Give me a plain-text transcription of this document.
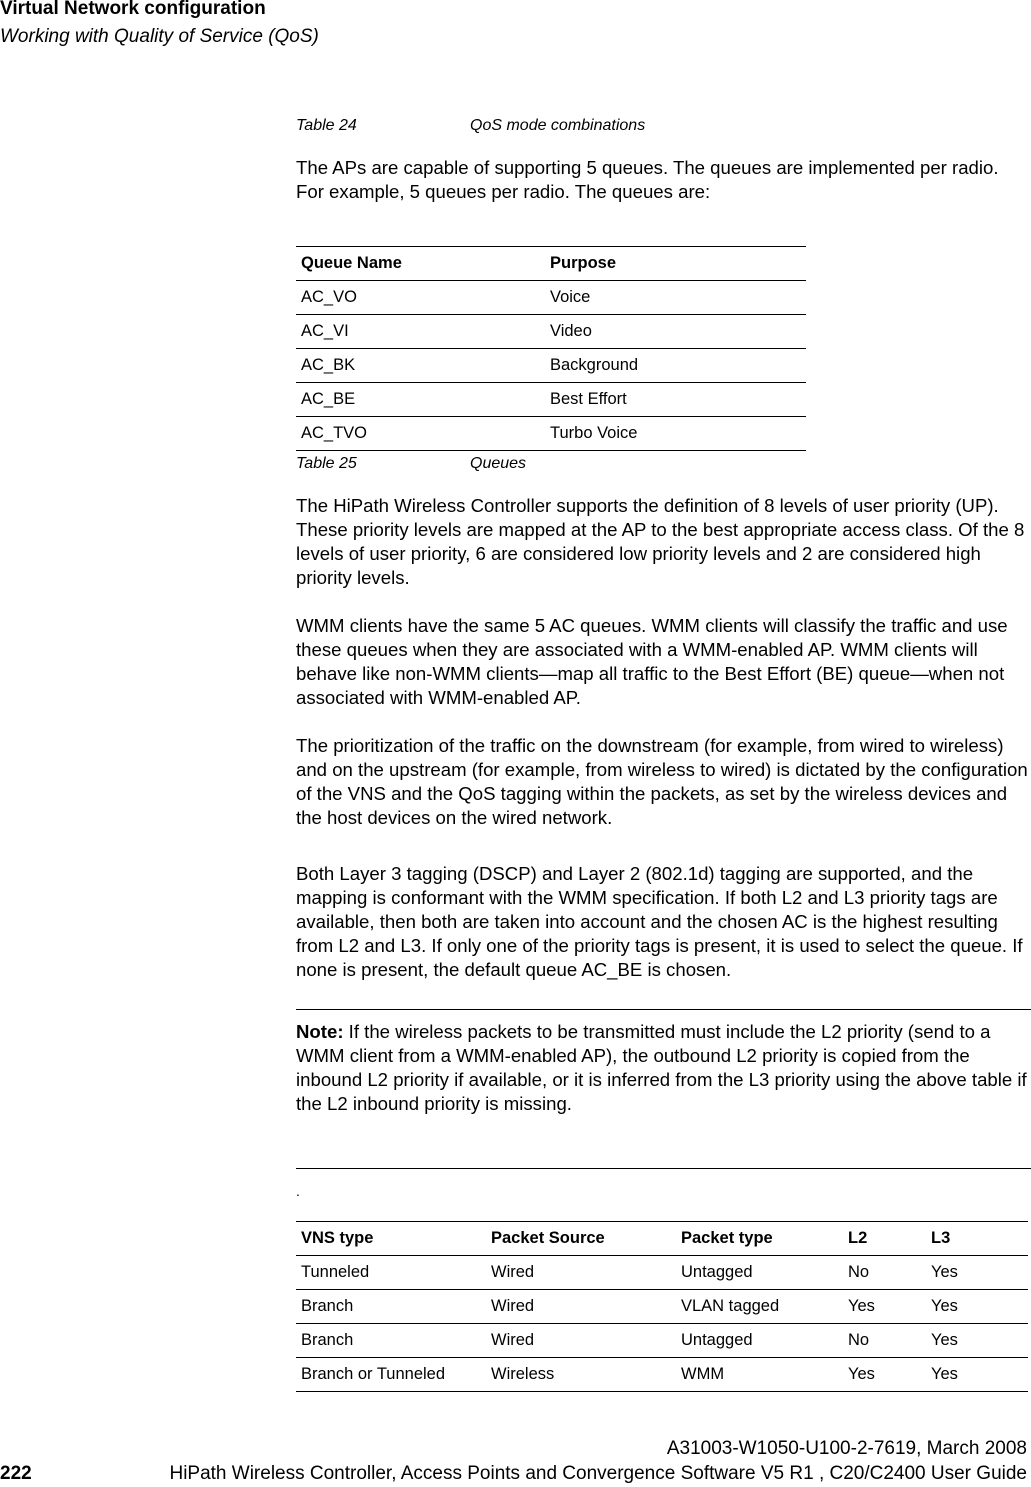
Virtual Network configuration
Working with Quality of Service (QoS)
Table 24	QoS mode combinations

The APs are capable of supporting 5 queues. The queues are implemented per radio. For example, 5 queues per radio. The queues are:

Queue Name	Purpose
AC_VO	Voice
AC_VI	Video
AC_BK	Background
AC_BE	Best Effort
AC_TVO	Turbo Voice
Table 25	Queues

The HiPath Wireless Controller supports the definition of 8 levels of user priority (UP). These priority levels are mapped at the AP to the best appropriate access class. Of the 8 levels of user priority, 6 are considered low priority levels and 2 are considered high priority levels.

WMM clients have the same 5 AC queues. WMM clients will classify the traffic and use these queues when they are associated with a WMM-enabled AP. WMM clients will behave like non-WMM clients—map all traffic to the Best Effort (BE) queue—when not associated with WMM-enabled AP.

The prioritization of the traffic on the downstream (for example, from wired to wireless) and on the upstream (for example, from wireless to wired) is dictated by the configuration of the VNS and the QoS tagging within the packets, as set by the wireless devices and the host devices on the wired network.

Both Layer 3 tagging (DSCP) and Layer 2 (802.1d) tagging are supported, and the mapping is conformant with the WMM specification. If both L2 and L3 priority tags are available, then both are taken into account and the chosen AC is the highest resulting from L2 and L3. If only one of the priority tags is present, it is used to select the queue. If none is present, the default queue AC_BE is chosen.

Note: If the wireless packets to be transmitted must include the L2 priority (send to a WMM client from a WMM-enabled AP), the outbound L2 priority is copied from the inbound L2 priority if available, or it is inferred from the L3 priority using the above table if the L2 inbound priority is missing.

.
VNS type	Packet Source	Packet type	L2	L3
Tunneled	Wired	Untagged	No	Yes
Branch	Wired	VLAN tagged	Yes	Yes
Branch	Wired	Untagged	No	Yes
Branch or Tunneled	Wireless	WMM	Yes	Yes
A31003-W1050-U100-2-7619, March 2008
222	HiPath Wireless Controller, Access Points and Convergence Software V5 R1 , C20/C2400 User Guide
